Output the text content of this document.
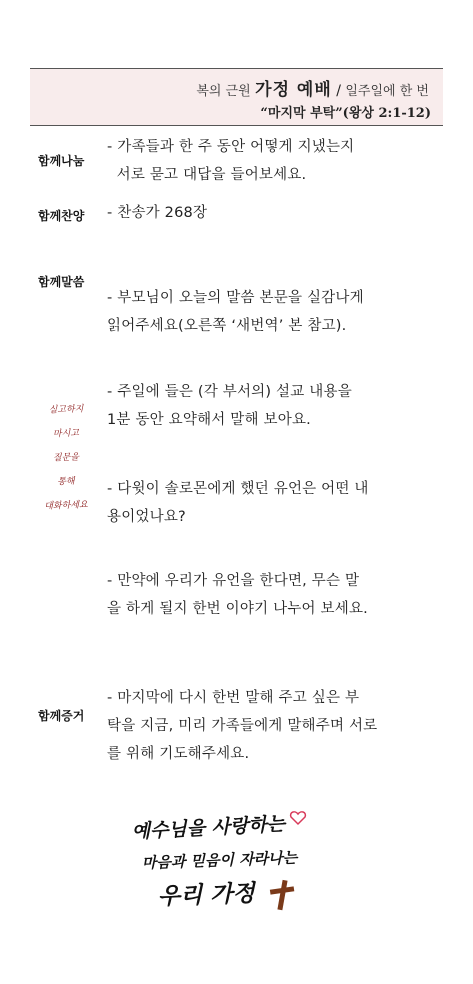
복의 근원 가정 예배 / 일주일에 한 번
“마지막 부탁”(왕상 2:1-12)
함께나눔
- 가족들과 한 주 동안 어떻게 지냈는지
서로 묻고 대답을 들어보세요.
함께찬양 - 찬송가 268장
함께말씀
- 부모님이 오늘의 말씀 본문을 실감나게
읽어주세요(오른쪽 ‘새번역’ 본 참고).
- 주일에 들은 (각 부서의) 설교 내용을
1분 동안 요약해서 말해 보아요.
- 다윗이 솔로몬에게 했던 유언은 어떤 내
용이었나요?
- 만약에 우리가 유언을 한다면, 무슨 말
을 하게 될지 한번 이야기 나누어 보세요.
함께증거
- 마지막에 다시 한번 말해 주고 싶은 부
탁을 지금, 미리 가족들에게 말해주며 서로
를 위해 기도해주세요.
실고하지
마시고
질문을
통해
대화하세요
예수님을 사랑하는
마음과 믿음이 자라나는
우리 가정
